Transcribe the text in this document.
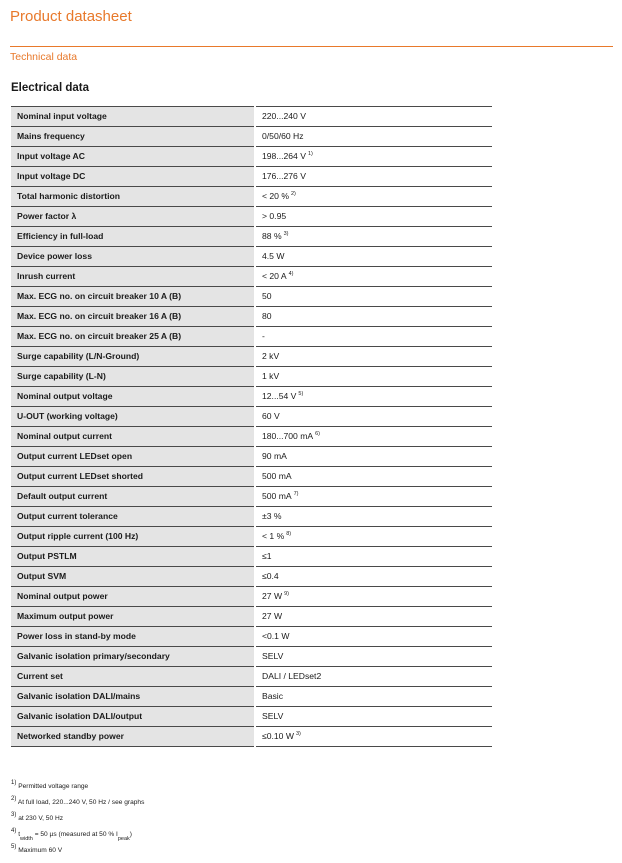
Product datasheet
Technical data
Electrical data
Nominal input voltage	220...240 V
Mains frequency	0/50/60 Hz
Input voltage AC	198...264 V $^{1)}$
Input voltage DC	176...276 V
Total harmonic distortion	< 20 % $^{2)}$
Power factor λ	> 0.95
Efficiency in full-load	88 % $^{3)}$
Device power loss	4.5 W
Inrush current	< 20 A $^{4)}$
Max. ECG no. on circuit breaker 10 A (B)	50
Max. ECG no. on circuit breaker 16 A (B)	80
Max. ECG no. on circuit breaker 25 A (B)	-
Surge capability (L/N-Ground)	2 kV
Surge capability (L-N)	1 kV
Nominal output voltage	12...54 V $^{5)}$
U-OUT (working voltage)	60 V
Nominal output current	180...700 mA $^{6)}$
Output current LEDset open	90 mA
Output current LEDset shorted	500 mA
Default output current	500 mA $^{7)}$
Output current tolerance	±3 %
Output ripple current (100 Hz)	< 1 % $^{8)}$
Output PSTLM	≤1
Output SVM	≤0.4
Nominal output power	27 W $^{9)}$
Maximum output power	27 W
Power loss in stand-by mode	<0.1 W
Galvanic isolation primary/secondary	SELV
Current set	DALI / LEDset2
Galvanic isolation DALI/mains	Basic
Galvanic isolation DALI/output	SELV
Networked standby power	≤0.10 W $^{3)}$
1) Permitted voltage range
2) At full load, 220...240 V, 50 Hz / see graphs
3) at 230 V, 50 Hz
4) $t_{width} = 50$ µs (measured at 50 % $I_{peak}$)
5) Maximum 60 V
